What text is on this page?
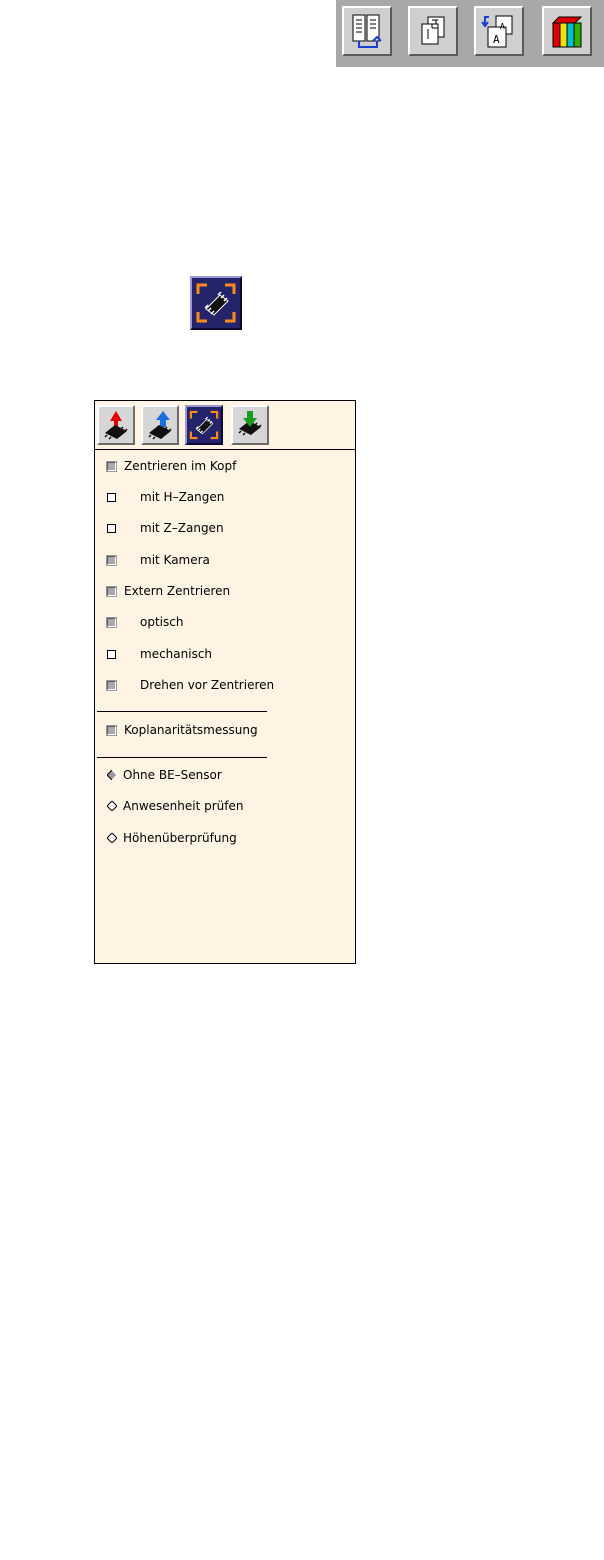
A
A
Zentrieren im Kopf
mit H–Zangen
mit Z–Zangen
mit Kamera
Extern Zentrieren
optisch
mechanisch
Drehen vor Zentrieren
Koplanaritätsmessung
Ohne BE–Sensor
Anwesenheit prüfen
Höhenüberprüfung
